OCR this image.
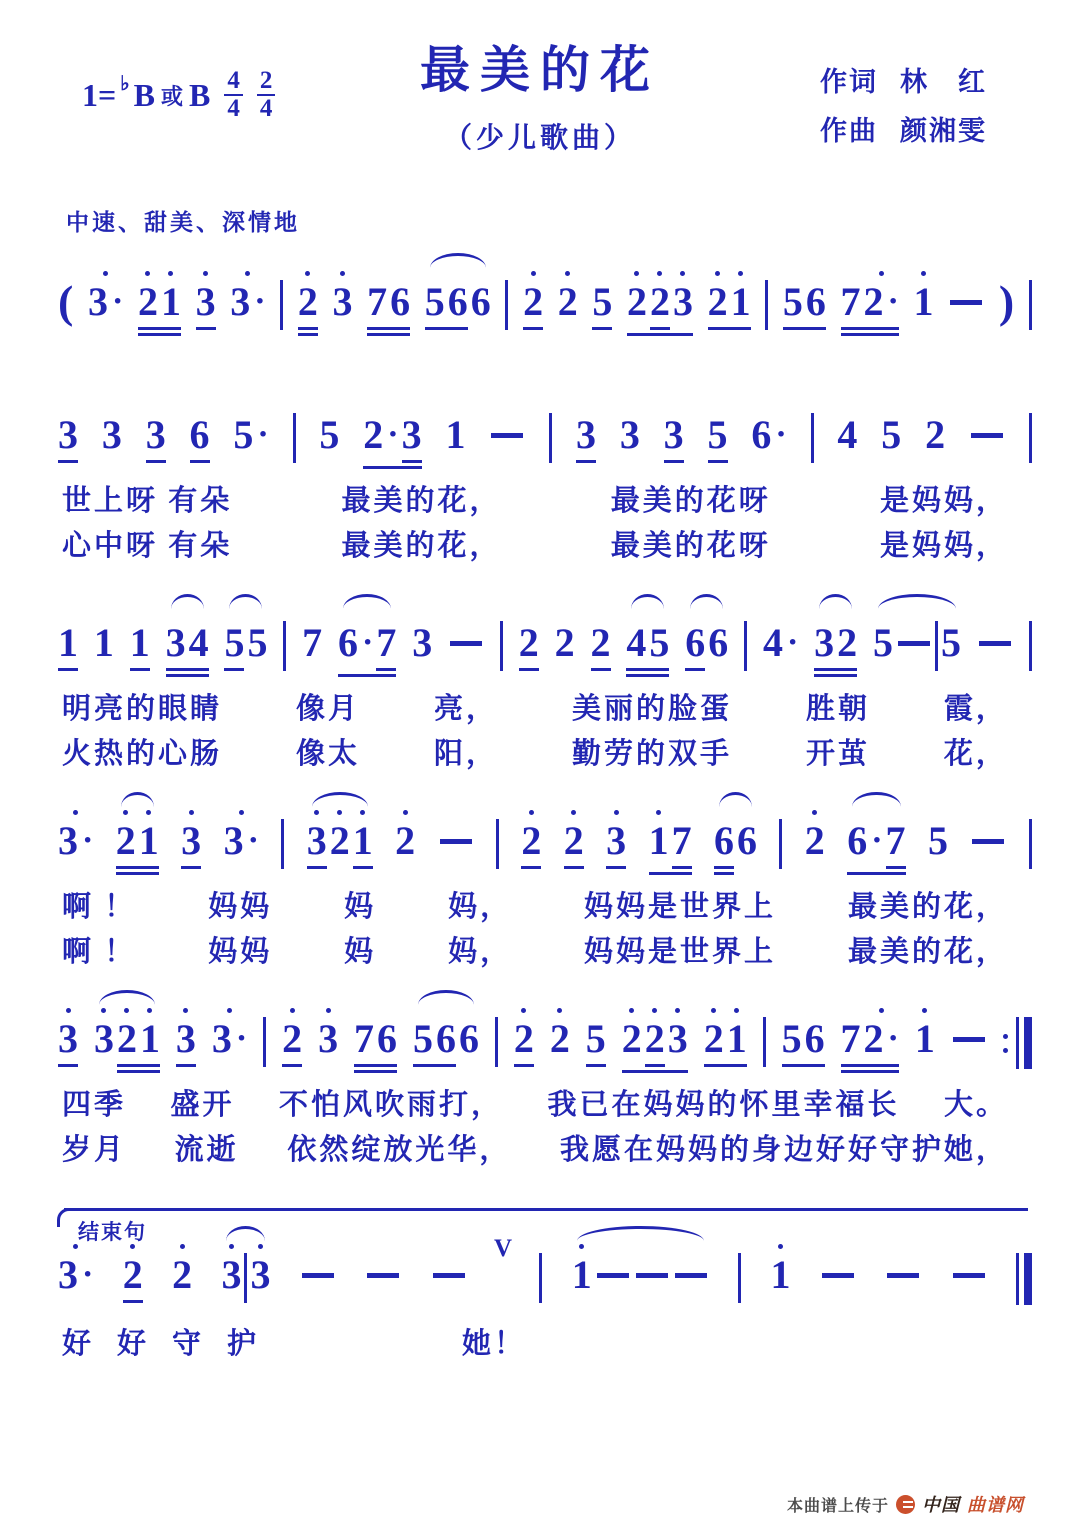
最美的花
1= ♭ B 或 B $\frac{4}{4} \frac{2}{4}$	作词 林　红
作曲 颜湘雯
（少儿歌曲）
中速、甜美、深情地
( 3 · 2 1 3 3 · 2 3 7 6 5 6 6 2 2 5 2 2 3 2 1 5 6 7 2 · 1 )
3 3 3 6 5 · 5 2 · 3 1	3 3 3 5 6 · 4 5 2
世上呀 有朵	最美的花，	最美的花呀	是妈妈，
心中呀 有朵	最美的花，	最美的花呀	是妈妈，
1 1 1 3 4 5 5 7 6 · 7 3 2 2 2 4 5 6 6 4 · 3 2 5 5
明亮的眼睛	像月	亮，	美丽的脸蛋	胜朝	霞，
火热的心肠	像太	阳，	勤劳的双手	开茧	花，
3 · 2 1 3 3 · 3 2 1 2	2 2 3 1 7 6 6 2 6 · 7 5
啊 ！ 妈妈 妈 妈， 妈妈是世界上 最美的花，
啊 ！ 妈妈 妈 妈， 妈妈是世界上 最美的花，
3 3 2 1 3 3 · 2 3 7 6 5 6 6 2 2 5 2 2 3 2 1 5 6 7 2 · 1
四季 盛开 不怕风吹雨打， 我已在妈妈的怀里幸福长 大。
岁月 流逝 依然绽放光华， 我愿在妈妈的身边好好守护她，
结束句
3 · 2 2 3 3
V
1	1
好好守护	她！
本曲谱上传于 中国 曲谱网
